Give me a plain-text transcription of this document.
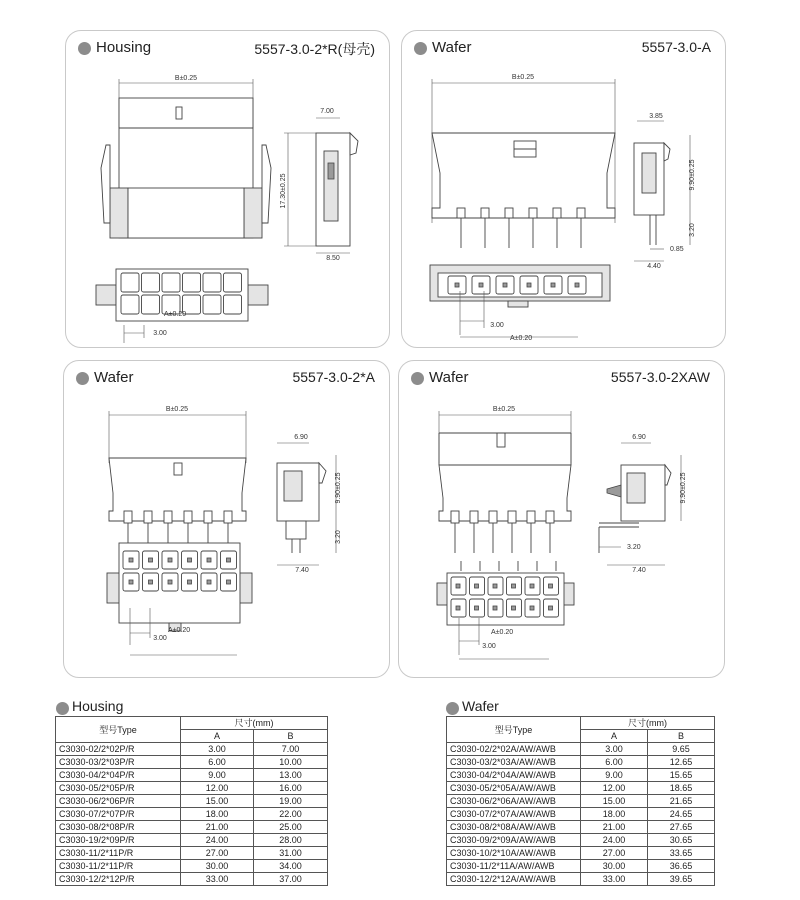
Housing	5557-3.0-2*R(母壳)
B±0.25
7.00
17.30±0.25
8.50
3.00
A±0.20
Wafer	5557-3.0-A
B±0.25
3.85
9.90±0.25
3.20
0.85
4.40
3.00
A±0.20
Wafer	5557-3.0-2*A
B±0.25
6.90
9.90±0.25
3.20
7.40
3.00
A±0.20
Wafer	5557-3.0-2XAW
B±0.25
6.90
9.90±0.25
3.20
7.40
3.00
A±0.20
Housing
型号Type	尺寸(mm)	
	A	B
C3030-02/2*02P/R	3.00	7.00
C3030-03/2*03P/R	6.00	10.00
C3030-04/2*04P/R	9.00	13.00
C3030-05/2*05P/R	12.00	16.00
C3030-06/2*06P/R	15.00	19.00
C3030-07/2*07P/R	18.00	22.00
C3030-08/2*08P/R	21.00	25.00
C3030-19/2*09P/R	24.00	28.00
C3030-11/2*11P/R	27.00	31.00
C3030-11/2*11P/R	30.00	34.00
C3030-12/2*12P/R	33.00	37.00
Wafer
型号Type	尺寸(mm)	
	A	B
C3030-02/2*02A/AW/AWB	3.00	9.65
C3030-03/2*03A/AW/AWB	6.00	12.65
C3030-04/2*04A/AW/AWB	9.00	15.65
C3030-05/2*05A/AW/AWB	12.00	18.65
C3030-06/2*06A/AW/AWB	15.00	21.65
C3030-07/2*07A/AW/AWB	18.00	24.65
C3030-08/2*08A/AW/AWB	21.00	27.65
C3030-09/2*09A/AW/AWB	24.00	30.65
C3030-10/2*10A/AW/AWB	27.00	33.65
C3030-11/2*11A/AW/AWB	30.00	36.65
C3030-12/2*12A/AW/AWB	33.00	39.65
